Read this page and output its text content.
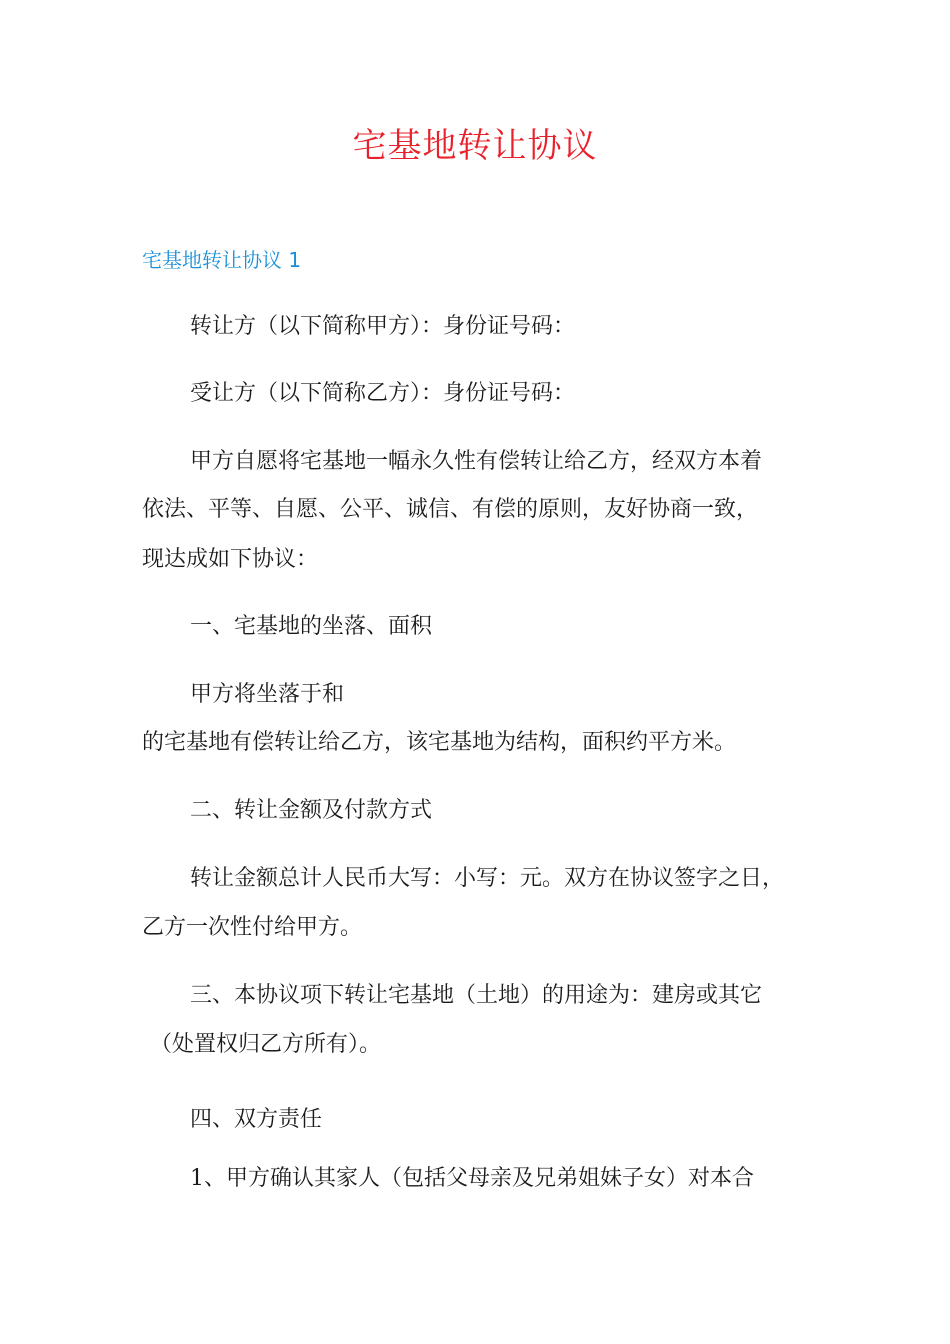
宅基地转让协议
宅基地转让协议 1
转让方（以下简称甲方）：身份证号码：
受让方（以下简称乙方）：身份证号码：
甲方自愿将宅基地一幅永久性有偿转让给乙方，经双方本着
依法、平等、自愿、公平、诚信、有偿的原则，友好协商一致，
现达成如下协议：
一、宅基地的坐落、面积
甲方将坐落于和
的宅基地有偿转让给乙方，该宅基地为结构，面积约平方米。
二、转让金额及付款方式
转让金额总计人民币大写：小写：元。双方在协议签字之日，
乙方一次性付给甲方。
三、本协议项下转让宅基地（土地）的用途为：建房或其它
（处置权归乙方所有）。
四、双方责任
1、甲方确认其家人（包括父母亲及兄弟姐妹子女）对本合
